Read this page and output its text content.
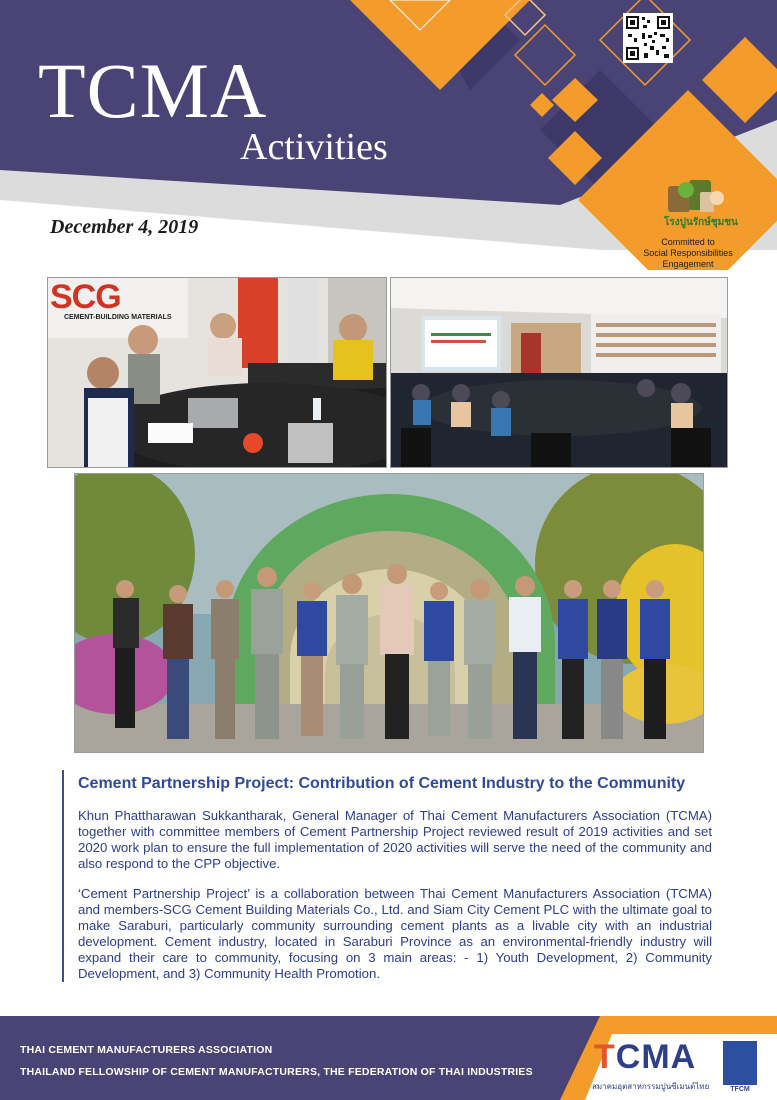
TCMA
Activities
December 4, 2019	โรงปูนรักษ์ชุมชน
Committed to
Social Responsibilities
Engagement
SCG
CEMENT-BUILDING MATERIALS
Cement Partnership Project: Contribution of Cement Industry to the Community

Khun Phattharawan Sukkantharak, General Manager of Thai Cement Manufacturers Association (TCMA) together with committee members of Cement Partnership Project reviewed result of 2019 activities and set 2020 work plan to ensure the full implementation of 2020 activities will serve the need of the community and also respond to the CPP objective.

‘Cement Partnership Project’ is a collaboration between Thai Cement Manufacturers Association (TCMA) and members-SCG Cement Building Materials Co., Ltd. and Siam City Cement PLC with the ultimate goal to make Saraburi, particularly community surrounding cement plants as a livable city with an industrial development. Cement industry, located in Saraburi Province as an environmental-friendly industry will expand their care to community, focusing on 3 main areas: - 1) Youth Development, 2) Community Development, and 3) Community Health Promotion.

THAI CEMENT MANUFACTURERS ASSOCIATION
THAILAND FELLOWSHIP OF CEMENT MANUFACTURERS, THE FEDERATION OF THAI INDUSTRIES TCMA
สมาคมอุตสาหกรรมปูนซีเมนต์ไทย	TFCM
